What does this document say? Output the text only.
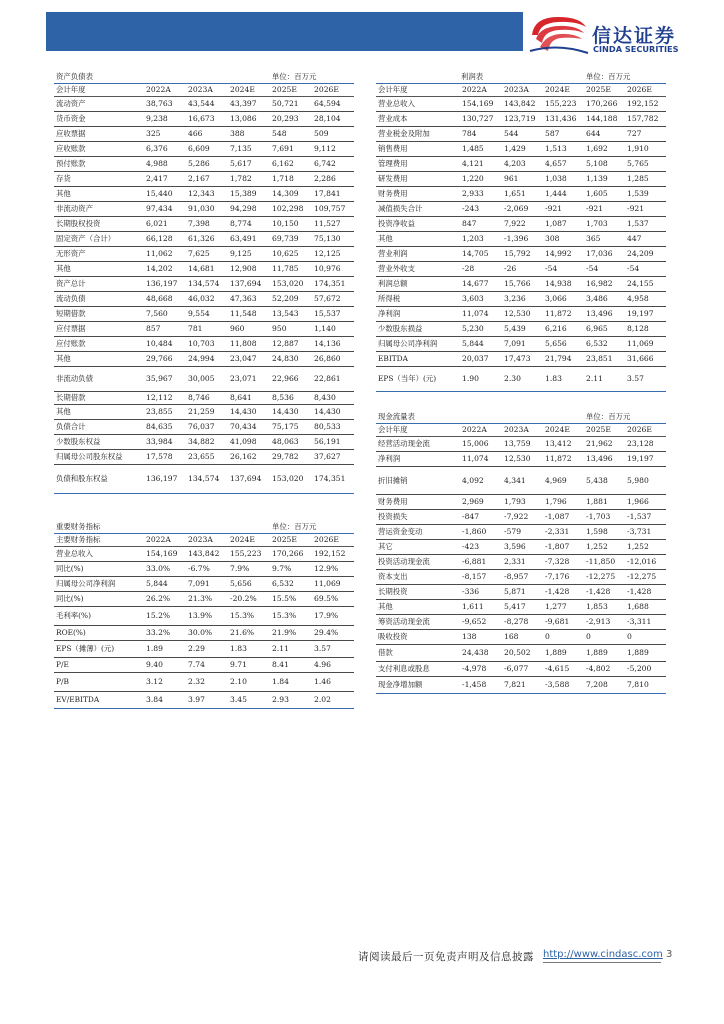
信达证券
CINDA SECURITIES
资产负债表				单位：百万元	
会计年度	2022A	2023A	2024E	2025E	2026E
流动资产	38,763	43,544	43,397	50,721	64,594
货币资金	9,238	16,673	13,086	20,293	28,104
应收票据	325	466	388	548	509
应收账款	6,376	6,609	7,135	7,691	9,112
预付账款	4,988	5,286	5,617	6,162	6,742
存货	2,417	2,167	1,782	1,718	2,286
其他	15,440	12,343	15,389	14,309	17,841
非流动资产	97,434	91,030	94,298	102,298	109,757
长期股权投资	6,021	7,398	8,774	10,150	11,527
固定资产（合计）	66,128	61,326	63,491	69,739	75,130
无形资产	11,062	7,625	9,125	10,625	12,125
其他	14,202	14,681	12,908	11,785	10,976
资产总计	136,197	134,574	137,694	153,020	174,351
流动负债	48,668	46,032	47,363	52,209	57,672
短期借款	7,560	9,554	11,548	13,543	15,537
应付票据	857	781	960	950	1,140
应付账款	10,484	10,703	11,808	12,887	14,136
其他	29,766	24,994	23,047	24,830	26,860
非流动负债	35,967	30,005	23,071	22,966	22,861
长期借款	12,112	8,746	8,641	8,536	8,430
其他	23,855	21,259	14,430	14,430	14,430
负债合计	84,635	76,037	70,434	75,175	80,533
少数股东权益	33,984	34,882	41,098	48,063	56,191
归属母公司股东权益	17,578	23,655	26,162	29,782	37,627
负债和股东权益	136,197	134,574	137,694	153,020	174,351
重要财务指标				单位：百万元	
主要财务指标	2022A	2023A	2024E	2025E	2026E
营业总收入	154,169	143,842	155,223	170,266	192,152
同比(%)	33.0%	-6.7%	7.9%	9.7%	12.9%
归属母公司净利润	5,844	7,091	5,656	6,532	11,069
同比(%)	26.2%	21.3%	-20.2%	15.5%	69.5%
毛利率(%)	15.2%	13.9%	15.3%	15.3%	17.9%
ROE(%)	33.2%	30.0%	21.6%	21.9%	29.4%
EPS（摊薄）(元)	1.89	2.29	1.83	2.11	3.57
P/E	9.40	7.74	9.71	8.41	4.96
P/B	3.12	2.32	2.10	1.84	1.46
EV/EBITDA	3.84	3.97	3.45	2.93	2.02
利润表				单位：百万元	
会计年度	2022A	2023A	2024E	2025E	2026E
营业总收入	154,169	143,842	155,223	170,266	192,152
营业成本	130,727	123,719	131,436	144,188	157,782
营业税金及附加	784	544	587	644	727
销售费用	1,485	1,429	1,513	1,692	1,910
管理费用	4,121	4,203	4,657	5,108	5,765
研发费用	1,220	961	1,038	1,139	1,285
财务费用	2,933	1,651	1,444	1,605	1,539
减值损失合计	-243	-2,069	-921	-921	-921
投资净收益	847	7,922	1,087	1,703	1,537
其他	1,203	-1,396	308	365	447
营业利润	14,705	15,792	14,992	17,036	24,209
营业外收支	-28	-26	-54	-54	-54
利润总额	14,677	15,766	14,938	16,982	24,155
所得税	3,603	3,236	3,066	3,486	4,958
净利润	11,074	12,530	11,872	13,496	19,197
少数股东损益	5,230	5,439	6,216	6,965	8,128
归属母公司净利润	5,844	7,091	5,656	6,532	11,069
EBITDA	20,037	17,473	21,794	23,851	31,666
EPS（当年）(元)	1.90	2.30	1.83	2.11	3.57
现金流量表				单位：百万元	
会计年度	2022A	2023A	2024E	2025E	2026E
经营活动现金流	15,006	13,759	13,412	21,962	23,128
净利润	11,074	12,530	11,872	13,496	19,197
折旧摊销	4,092	4,341	4,969	5,438	5,980
财务费用	2,969	1,793	1,796	1,881	1,966
投资损失	-847	-7,922	-1,087	-1,703	-1,537
营运资金变动	-1,860	-579	-2,331	1,598	-3,731
其它	-423	3,596	-1,807	1,252	1,252
投资活动现金流	-6,881	2,331	-7,328	-11,850	-12,016
资本支出	-8,157	-8,957	-7,176	-12,275	-12,275
长期投资	-336	5,871	-1,428	-1,428	-1,428
其他	1,611	5,417	1,277	1,853	1,688
筹资活动现金流	-9,652	-8,278	-9,681	-2,913	-3,311
吸收投资	138	168	0	0	0
借款	24,438	20,502	1,889	1,889	1,889
支付利息或股息	-4,978	-6,077	-4,615	-4,802	-5,200
现金净增加额	-1,458	7,821	-3,588	7,208	7,810
请阅读最后一页免责声明及信息披露 http://www.cindasc.com 3
